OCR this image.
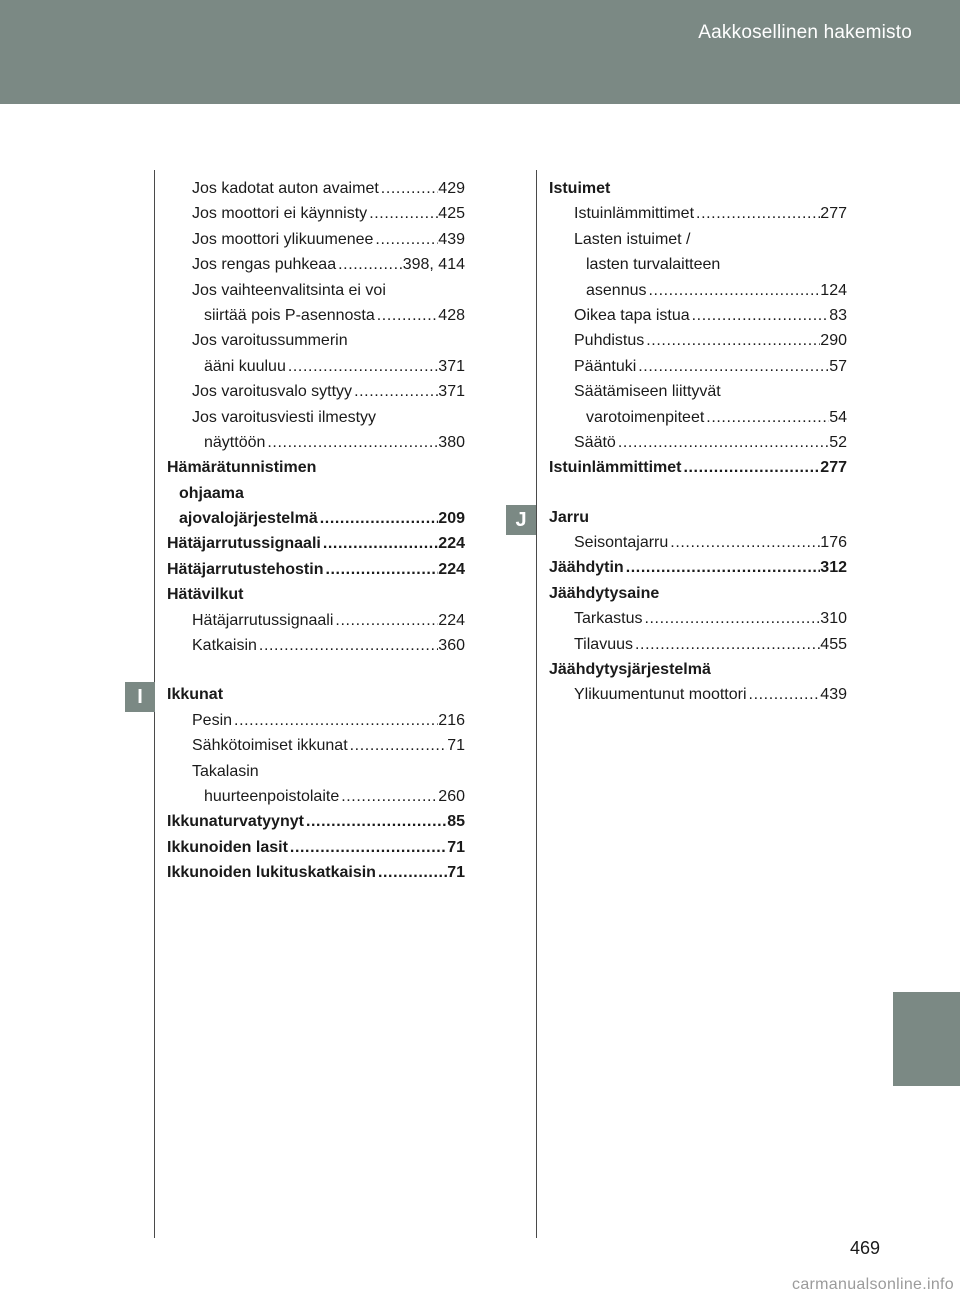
Aakkosellinen hakemisto
I
J
Jos kadotat auton avaimet .....	429
Jos moottori ei käynnisty .....	425
Jos moottori ylikuumenee .....	439
Jos rengas puhkeaa .....	398, 414
Jos vaihteenvalitsinta ei voi
siirtää pois P-asennosta .....	428
Jos varoitussummerin
ääni kuuluu .....	371
Jos varoitusvalo syttyy .....	371
Jos varoitusviesti ilmestyy
näyttöön .....	380
Hämärätunnistimen
ohjaama
ajovalojärjestelmä .....	209
Hätäjarrutussignaali .....	224
Hätäjarrutustehostin .....	224
Hätävilkut
Hätäjarrutussignaali .....	224
Katkaisin .....	360
Ikkunat
Pesin .....	216
Sähkötoimiset ikkunat .....	71
Takalasin
huurteenpoistolaite .....	260
Ikkunaturvatyynyt .....	85
Ikkunoiden lasit .....	71
Ikkunoiden lukituskatkaisin .....	71
Istuimet
Istuinlämmittimet .....	277
Lasten istuimet /
lasten turvalaitteen
asennus .....	124
Oikea tapa istua .....	83
Puhdistus .....	290
Pääntuki .....	57
Säätämiseen liittyvät
varotoimenpiteet .....	54
Säätö .....	52
Istuinlämmittimet .....	277
Jarru
Seisontajarru .....	176
Jäähdytin .....	312
Jäähdytysaine
Tarkastus .....	310
Tilavuus .....	455
Jäähdytysjärjestelmä
Ylikuumentunut moottori .....	439
469
carmanualsonline.info
